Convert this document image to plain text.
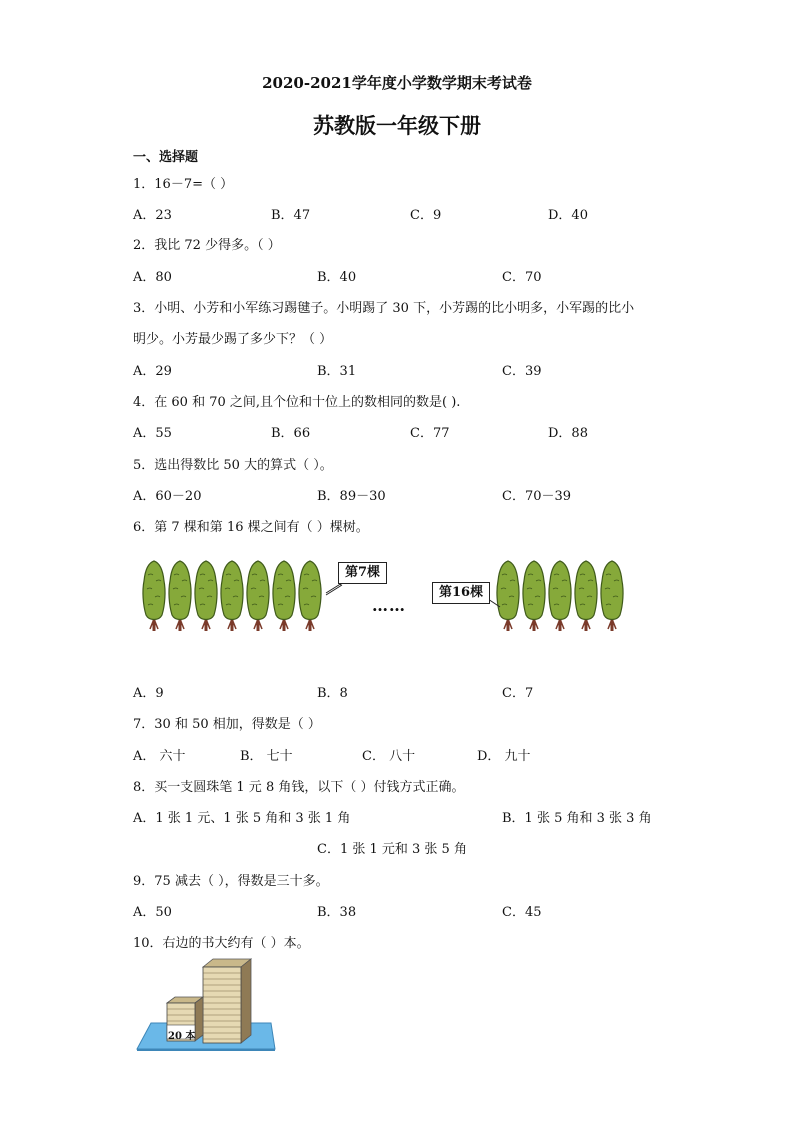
2020-2021学年度小学数学期末考试卷
苏教版一年级下册
一、选择题
1．16－7=（ ）
A．23	B．47	C．9	D．40
2．我比 72 少得多。（ ）
A．80	B．40	C．70
3．小明、小芳和小军练习踢毽子。小明踢了 30 下，小芳踢的比小明多，小军踢的比小
明少。小芳最少踢了多少下？（ ）
A．29	B．31	C．39
4．在 60 和 70 之间,且个位和十位上的数相同的数是( ).
A．55	B．66	C．77	D．88
5．选出得数比 50 大的算式（ ）。
A．60－20	B．89－30	C．70－39
6．第 7 棵和第 16 棵之间有（ ）棵树。
第7棵
第16棵
……
A．9	B．8	C．7
7．30 和 50 相加，得数是（ ）
A． 六十	B． 七十	C． 八十	D． 九十
8．买一支圆珠笔 1 元 8 角钱，以下（ ）付钱方式正确。
A．1 张 1 元、1 张 5 角和 3 张 1 角	B．1 张 5 角和 3 张 3 角
C．1 张 1 元和 3 张 5 角
9．75 减去（ ），得数是三十多。
A．50	B．38	C．45
10．右边的书大约有（ ）本。
20 本
